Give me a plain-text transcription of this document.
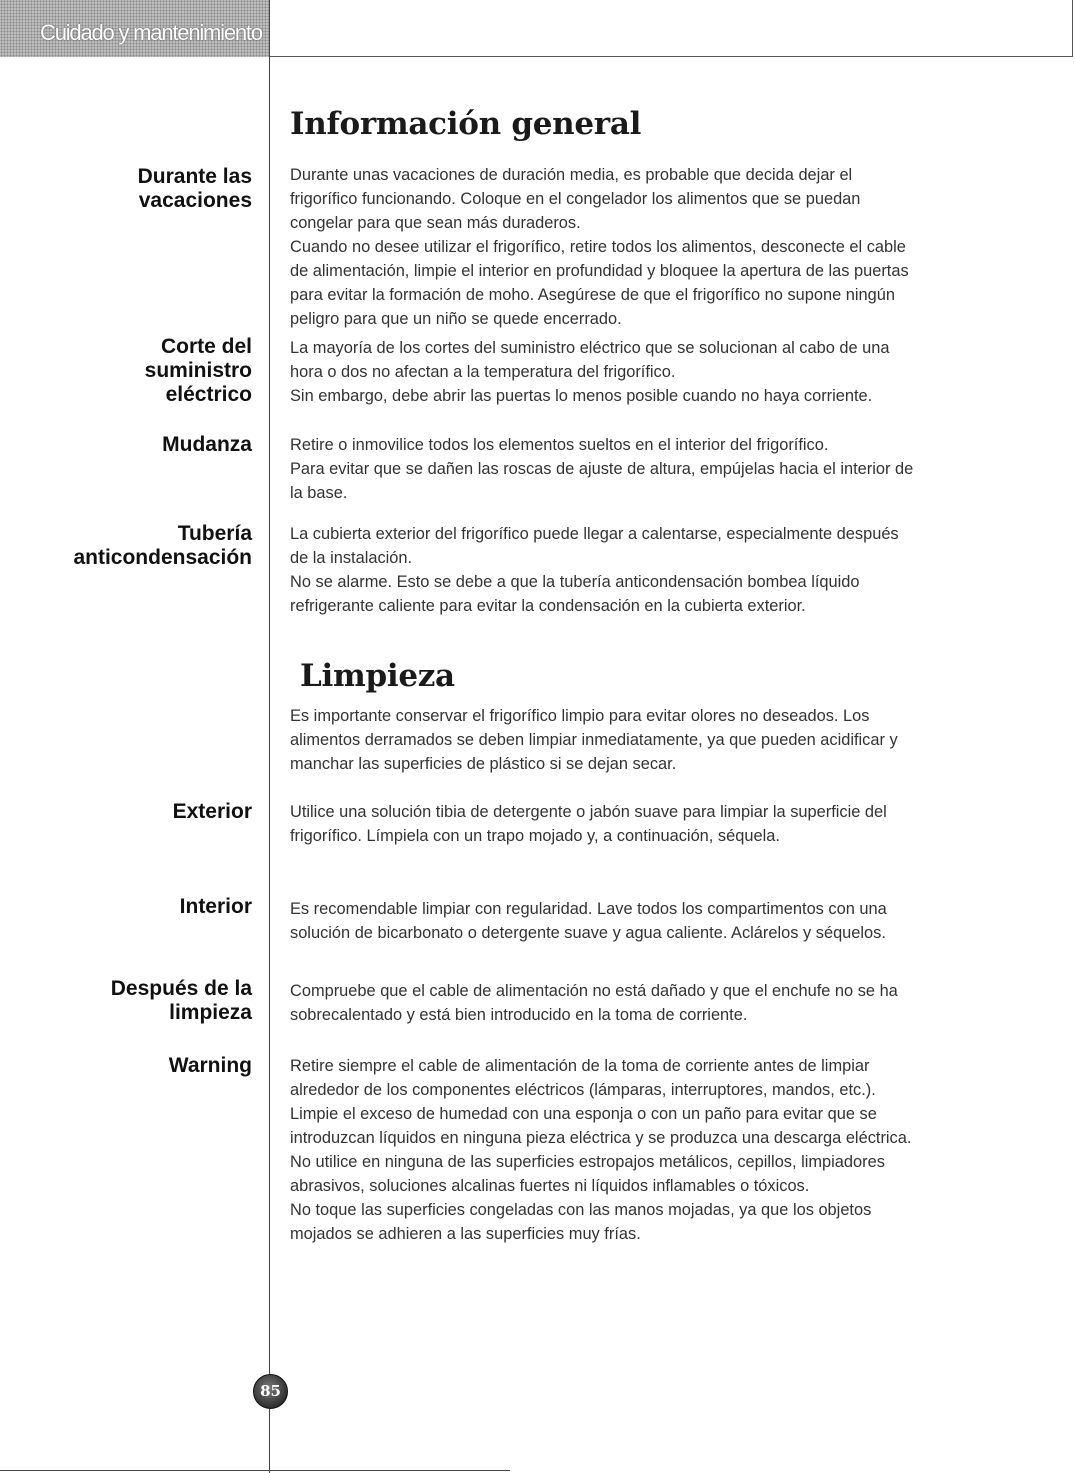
Cuidado y mantenimiento
Información general
Durante las
vacaciones

Durante unas vacaciones de duración media, es probable que decida dejar el
frigorífico funcionando. Coloque en el congelador los alimentos que se puedan
congelar para que sean más duraderos.
Cuando no desee utilizar el frigorífico, retire todos los alimentos, desconecte el cable
de alimentación, limpie el interior en profundidad y bloquee la apertura de las puertas
para evitar la formación de moho. Asegúrese de que el frigorífico no supone ningún
peligro para que un niño se quede encerrado.

Corte del
suministro
eléctrico

La mayoría de los cortes del suministro eléctrico que se solucionan al cabo de una
hora o dos no afectan a la temperatura del frigorífico.
Sin embargo, debe abrir las puertas lo menos posible cuando no haya corriente.

Mudanza Retire o inmovilice todos los elementos sueltos en el interior del frigorífico.
Para evitar que se dañen las roscas de ajuste de altura, empújelas hacia el interior de
la base.

Tubería
anticondensación

La cubierta exterior del frigorífico puede llegar a calentarse, especialmente después
de la instalación.
No se alarme. Esto se debe a que la tubería anticondensación bombea líquido
refrigerante caliente para evitar la condensación en la cubierta exterior.

Limpieza

Es importante conservar el frigorífico limpio para evitar olores no deseados. Los
alimentos derramados se deben limpiar inmediatamente, ya que pueden acidificar y
manchar las superficies de plástico si se dejan secar.

Exterior Utilice una solución tibia de detergente o jabón suave para limpiar la superficie del
frigorífico. Límpiela con un trapo mojado y, a continuación, séquela.

Interior Es recomendable limpiar con regularidad. Lave todos los compartimentos con una
solución de bicarbonato o detergente suave y agua caliente. Aclárelos y séquelos.

Después de la
limpieza

Compruebe que el cable de alimentación no está dañado y que el enchufe no se ha
sobrecalentado y está bien introducido en la toma de corriente.

Warning Retire siempre el cable de alimentación de la toma de corriente antes de limpiar
alrededor de los componentes eléctricos (lámparas, interruptores, mandos, etc.).
Limpie el exceso de humedad con una esponja o con un paño para evitar que se
introduzcan líquidos en ninguna pieza eléctrica y se produzca una descarga eléctrica.
No utilice en ninguna de las superficies estropajos metálicos, cepillos, limpiadores
abrasivos, soluciones alcalinas fuertes ni líquidos inflamables o tóxicos.
No toque las superficies congeladas con las manos mojadas, ya que los objetos
mojados se adhieren a las superficies muy frías.

85
